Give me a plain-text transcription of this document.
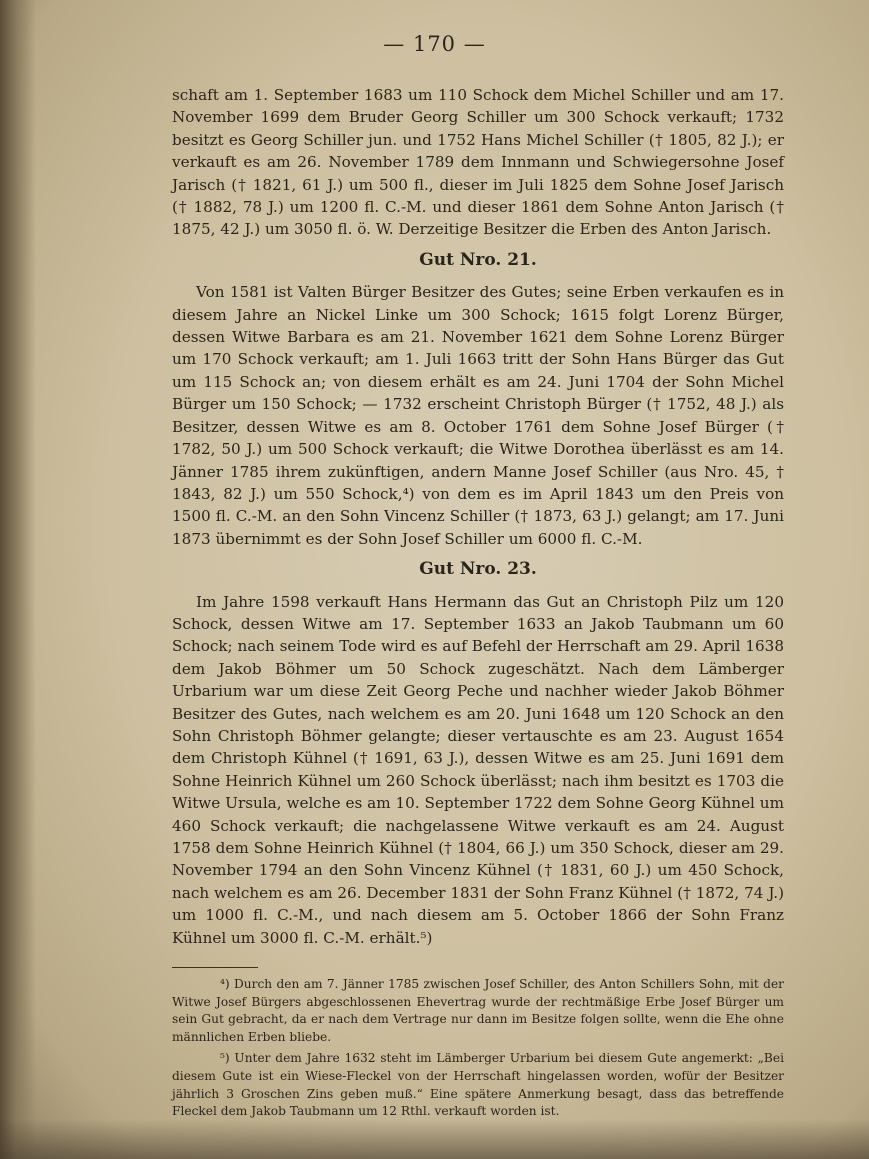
— 170 —

schaft am 1. September 1683 um 110 Schock dem Michel Schiller und am 17. November 1699 dem Bruder Georg Schiller um 300 Schock verkauft; 1732 besitzt es Georg Schiller jun. und 1752 Hans Michel Schiller († 1805, 82 J.); er verkauft es am 26. November 1789 dem Innmann und Schwiegersohne Josef Jarisch († 1821, 61 J.) um 500 fl., dieser im Juli 1825 dem Sohne Josef Jarisch († 1882, 78 J.) um 1200 fl. C.-M. und dieser 1861 dem Sohne Anton Jarisch († 1875, 42 J.) um 3050 fl. ö. W. Derzeitige Besitzer die Erben des Anton Jarisch.

Gut Nro. 21.

Von 1581 ist Valten Bürger Besitzer des Gutes; seine Erben verkaufen es in diesem Jahre an Nickel Linke um 300 Schock; 1615 folgt Lorenz Bürger, dessen Witwe Barbara es am 21. November 1621 dem Sohne Lorenz Bürger um 170 Schock verkauft; am 1. Juli 1663 tritt der Sohn Hans Bürger das Gut um 115 Schock an; von diesem erhält es am 24. Juni 1704 der Sohn Michel Bürger um 150 Schock; — 1732 erscheint Christoph Bürger († 1752, 48 J.) als Besitzer, dessen Witwe es am 8. October 1761 dem Sohne Josef Bürger († 1782, 50 J.) um 500 Schock verkauft; die Witwe Dorothea überlässt es am 14. Jänner 1785 ihrem zukünftigen, andern Manne Josef Schiller (aus Nro. 45, † 1843, 82 J.) um 550 Schock,⁴) von dem es im April 1843 um den Preis von 1500 fl. C.-M. an den Sohn Vincenz Schiller († 1873, 63 J.) gelangt; am 17. Juni 1873 übernimmt es der Sohn Josef Schiller um 6000 fl. C.-M.

Gut Nro. 23.

Im Jahre 1598 verkauft Hans Hermann das Gut an Christoph Pilz um 120 Schock, dessen Witwe am 17. September 1633 an Jakob Taubmann um 60 Schock; nach seinem Tode wird es auf Befehl der Herrschaft am 29. April 1638 dem Jakob Böhmer um 50 Schock zugeschätzt. Nach dem Lämberger Urbarium war um diese Zeit Georg Peche und nachher wieder Jakob Böhmer Besitzer des Gutes, nach welchem es am 20. Juni 1648 um 120 Schock an den Sohn Christoph Böhmer gelangte; dieser vertauschte es am 23. August 1654 dem Christoph Kühnel († 1691, 63 J.), dessen Witwe es am 25. Juni 1691 dem Sohne Heinrich Kühnel um 260 Schock überlässt; nach ihm besitzt es 1703 die Witwe Ursula, welche es am 10. September 1722 dem Sohne Georg Kühnel um 460 Schock verkauft; die nachgelassene Witwe verkauft es am 24. August 1758 dem Sohne Heinrich Kühnel († 1804, 66 J.) um 350 Schock, dieser am 29. November 1794 an den Sohn Vincenz Kühnel († 1831, 60 J.) um 450 Schock, nach welchem es am 26. December 1831 der Sohn Franz Kühnel († 1872, 74 J.) um 1000 fl. C.-M., und nach diesem am 5. October 1866 der Sohn Franz Kühnel um 3000 fl. C.-M. erhält.⁵)

⁴) Durch den am 7. Jänner 1785 zwischen Josef Schiller, des Anton Schillers Sohn, mit der Witwe Josef Bürgers abgeschlossenen Ehevertrag wurde der rechtmäßige Erbe Josef Bürger um sein Gut gebracht, da er nach dem Vertrage nur dann im Besitze folgen sollte, wenn die Ehe ohne männlichen Erben bliebe.

⁵) Unter dem Jahre 1632 steht im Lämberger Urbarium bei diesem Gute angemerkt: „Bei diesem Gute ist ein Wiese-Fleckel von der Herrschaft hingelassen worden, wofür der Besitzer jährlich 3 Groschen Zins geben muß.“ Eine spätere Anmerkung besagt, dass das betreffende Fleckel dem Jakob Taubmann um 12 Rthl. verkauft worden ist.
